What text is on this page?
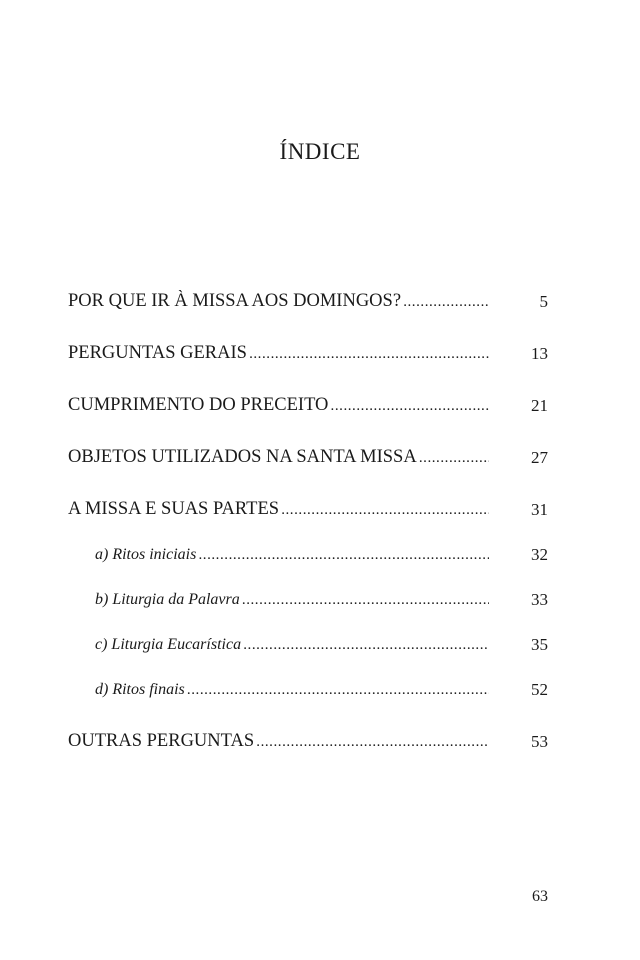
ÍNDICE
POR QUE IR À MISSA AOS DOMINGOS? . . .	5
PERGUNTAS GERAIS . . .	13
CUMPRIMENTO DO PRECEITO . . .	21
OBJETOS UTILIZADOS NA SANTA MISSA . . .	27
A MISSA E SUAS PARTES . . .	31
a) Ritos iniciais . . .	32
b) Liturgia da Palavra . . .	33
c) Liturgia Eucarística . . .	35
d) Ritos finais . . .	52
OUTRAS PERGUNTAS . . .	53
63
